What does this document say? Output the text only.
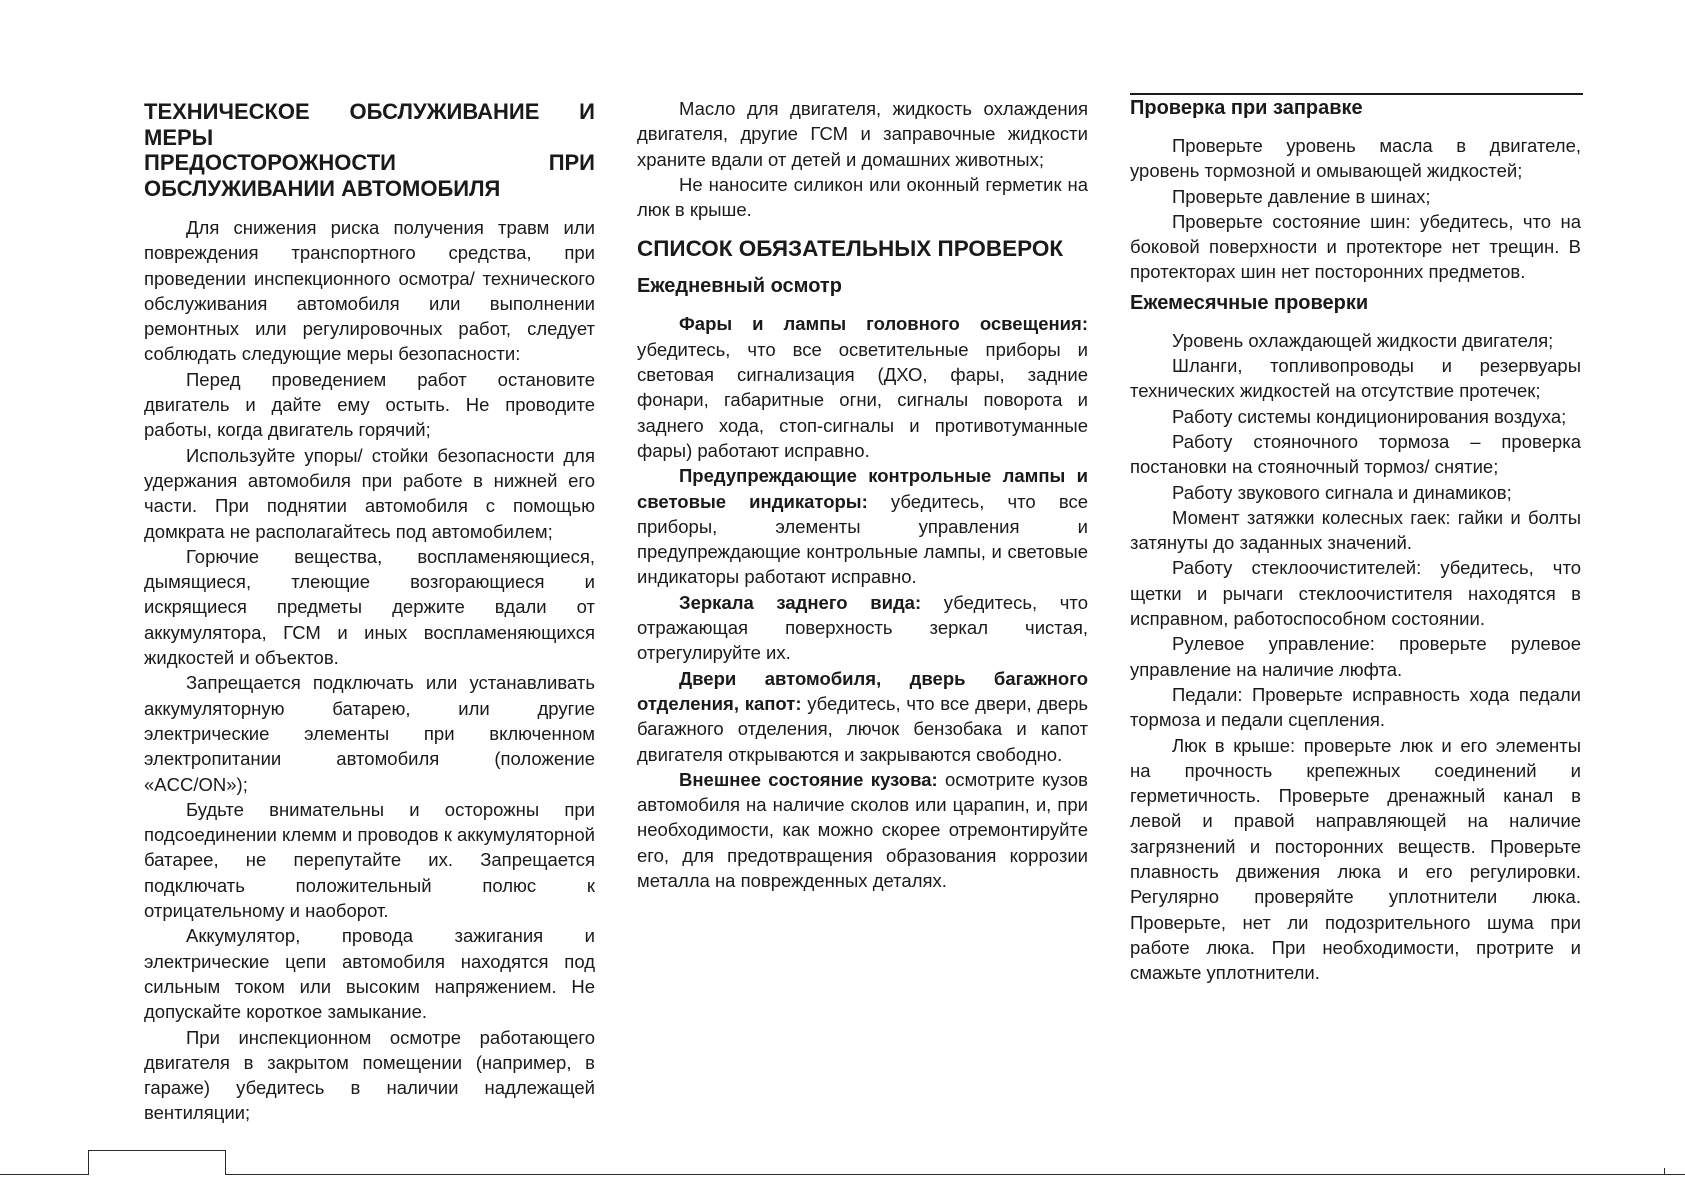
ТЕХНИЧЕСКОЕ ОБСЛУЖИВАНИЕ И МЕРЫ
ПРЕДОСТОРОЖНОСТИ ПРИ
ОБСЛУЖИВАНИИ АВТОМОБИЛЯ

Для снижения риска получения травм или повреждения транспортного средства, при проведении инспекционного осмотра/ технического обслуживания автомобиля или выполнении ремонтных или регулировочных работ, следует соблюдать следующие меры безопасности:

Перед проведением работ остановите двигатель и дайте ему остыть. Не проводите работы, когда двигатель горячий;

Используйте упоры/ стойки безопасности для удержания автомобиля при работе в нижней его части. При поднятии автомобиля с помощью домкрата не располагайтесь под автомобилем;

Горючие вещества, воспламеняющиеся, дымящиеся, тлеющие возгорающиеся и искрящиеся предметы держите вдали от аккумулятора, ГСМ и иных воспламеняющихся жидкостей и объектов.

Запрещается подключать или устанавливать аккумуляторную батарею, или другие электрические элементы при включенном электропитании автомобиля (положение «ACC/ON»);

Будьте внимательны и осторожны при подсоединении клемм и проводов к аккумуляторной батарее, не перепутайте их. Запрещается подключать положительный полюс к отрицательному и наоборот.

Аккумулятор, провода зажигания и электрические цепи автомобиля находятся под сильным током или высоким напряжением. Не допускайте короткое замыкание.

При инспекционном осмотре работающего двигателя в закрытом помещении (например, в гараже) убедитесь в наличии надлежащей вентиляции;

Масло для двигателя, жидкость охлаждения двигателя, другие ГСМ и заправочные жидкости храните вдали от детей и домашних животных;

Не наносите силикон или оконный герметик на люк в крыше.

СПИСОК ОБЯЗАТЕЛЬНЫХ ПРОВЕРОК
Ежедневный осмотр

Фары и лампы головного освещения: убедитесь, что все осветительные приборы и световая сигнализация (ДХО, фары, задние фонари, габаритные огни, сигналы поворота и заднего хода, стоп-сигналы и противотуманные фары) работают исправно.

Предупреждающие контрольные лампы и световые индикаторы: убедитесь, что все приборы, элементы управления и предупреждающие контрольные лампы, и световые индикаторы работают исправно.

Зеркала заднего вида: убедитесь, что отражающая поверхность зеркал чистая, отрегулируйте их.

Двери автомобиля, дверь багажного отделения, капот: убедитесь, что все двери, дверь багажного отделения, лючок бензобака и капот двигателя открываются и закрываются свободно.

Внешнее состояние кузова: осмотрите кузов автомобиля на наличие сколов или царапин, и, при необходимости, как можно скорее отремонтируйте его, для предотвращения образования коррозии металла на поврежденных деталях.

Проверка при заправке

Проверьте уровень масла в двигателе, уровень тормозной и омывающей жидкостей;

Проверьте давление в шинах;

Проверьте состояние шин: убедитесь, что на боковой поверхности и протекторе нет трещин. В протекторах шин нет посторонних предметов.

Ежемесячные проверки

Уровень охлаждающей жидкости двигателя;

Шланги, топливопроводы и резервуары технических жидкостей на отсутствие протечек;

Работу системы кондиционирования воздуха;

Работу стояночного тормоза – проверка постановки на стояночный тормоз/ снятие;

Работу звукового сигнала и динамиков;

Момент затяжки колесных гаек: гайки и болты затянуты до заданных значений.

Работу стеклоочистителей: убедитесь, что щетки и рычаги стеклоочистителя находятся в исправном, работоспособном состоянии.

Рулевое управление: проверьте рулевое управление на наличие люфта.

Педали: Проверьте исправность хода педали тормоза и педали сцепления.

Люк в крыше: проверьте люк и его элементы на прочность крепежных соединений и герметичность. Проверьте дренажный канал в левой и правой направляющей на наличие загрязнений и посторонних веществ. Проверьте плавность движения люка и его регулировки. Регулярно проверяйте уплотнители люка. Проверьте, нет ли подозрительного шума при работе люка. При необходимости, протрите и смажьте уплотнители.
